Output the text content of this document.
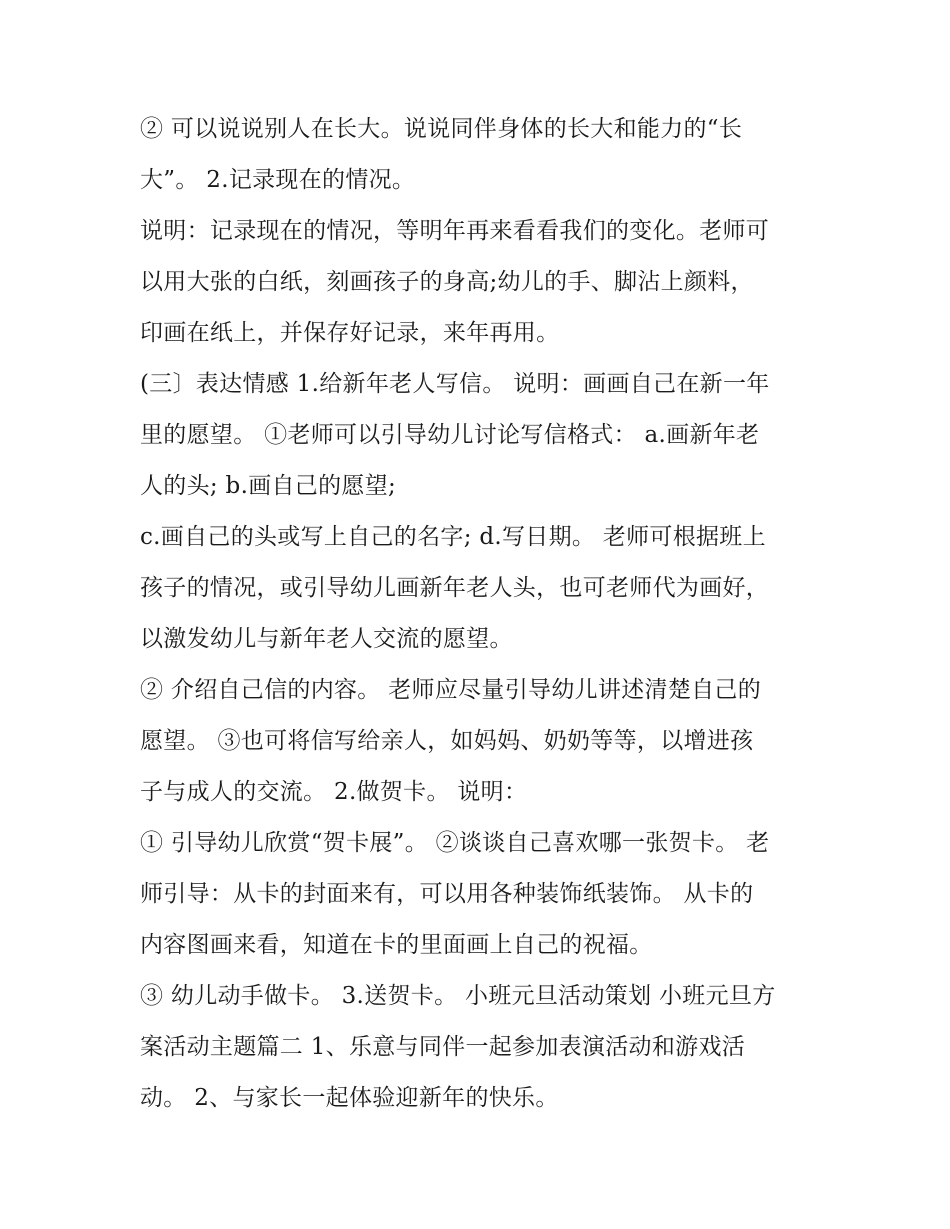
② 可以说说别人在长大。说说同伴身体的长大和能力的“长
大”。 2.记录现在的情况。
说明：记录现在的情况，等明年再来看看我们的变化。老师可
以用大张的白纸，刻画孩子的身高;幼儿的手、脚沾上颜料，
印画在纸上，并保存好记录，来年再用。
(三〕表达情感 1.给新年老人写信。 说明：画画自己在新一年
里的愿望。 ①老师可以引导幼儿讨论写信格式： a.画新年老
人的头; b.画自己的愿望;
c.画自己的头或写上自己的名字; d.写日期。 老师可根据班上
孩子的情况，或引导幼儿画新年老人头，也可老师代为画好，
以激发幼儿与新年老人交流的愿望。
② 介绍自己信的内容。 老师应尽量引导幼儿讲述清楚自己的
愿望。 ③也可将信写给亲人，如妈妈、奶奶等等，以增进孩
子与成人的交流。 2.做贺卡。 说明：
① 引导幼儿欣赏“贺卡展”。 ②谈谈自己喜欢哪一张贺卡。 老
师引导：从卡的封面来有，可以用各种装饰纸装饰。 从卡的
内容图画来看，知道在卡的里面画上自己的祝福。
③ 幼儿动手做卡。 3.送贺卡。 小班元旦活动策划 小班元旦方
案活动主题篇二 1、乐意与同伴一起参加表演活动和游戏活
动。 2、与家长一起体验迎新年的快乐。
